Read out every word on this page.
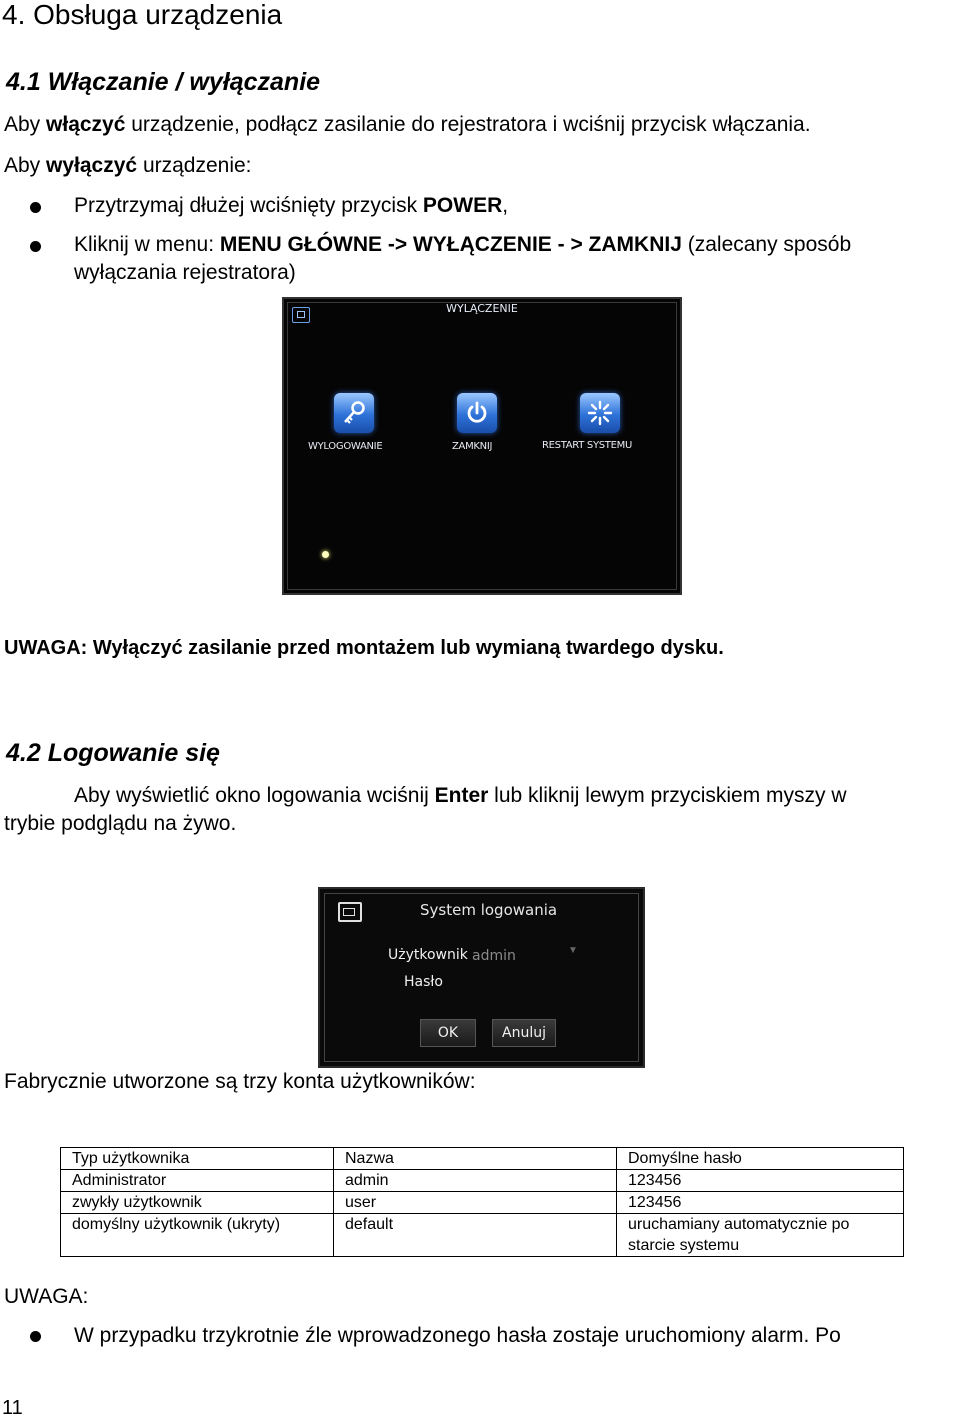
4. Obsługa urządzenia
4.1 Włączanie / wyłączanie
Aby włączyć urządzenie, podłącz zasilanie do rejestratora i wciśnij przycisk włączania.
Aby wyłączyć urządzenie:
Przytrzymaj dłużej wciśnięty przycisk POWER,
Kliknij w menu: MENU GŁÓWNE -> WYŁĄCZENIE - > ZAMKNIJ (zalecany sposób
wyłączania rejestratora)
WYLĄCZENIE
WYLOGOWANIE	ZAMKNIJ	RESTART SYSTEMU
UWAGA: Wyłączyć zasilanie przed montażem lub wymianą twardego dysku.
4.2 Logowanie się
Aby wyświetlić okno logowania wciśnij Enter lub kliknij lewym przyciskiem myszy w
trybie podglądu na żywo.
System logowania
Użytkownik admin	▼
Hasło
OK	Anuluj
Fabrycznie utworzone są trzy konta użytkowników:
Typ użytkownika	Nazwa	Domyślne hasło
Administrator	admin	123456
zwykły użytkownik	user	123456
domyślny użytkownik (ukryty)	default	uruchamiany automatycznie po starcie systemu
UWAGA:
W przypadku trzykrotnie źle wprowadzonego hasła zostaje uruchomiony alarm. Po
11
